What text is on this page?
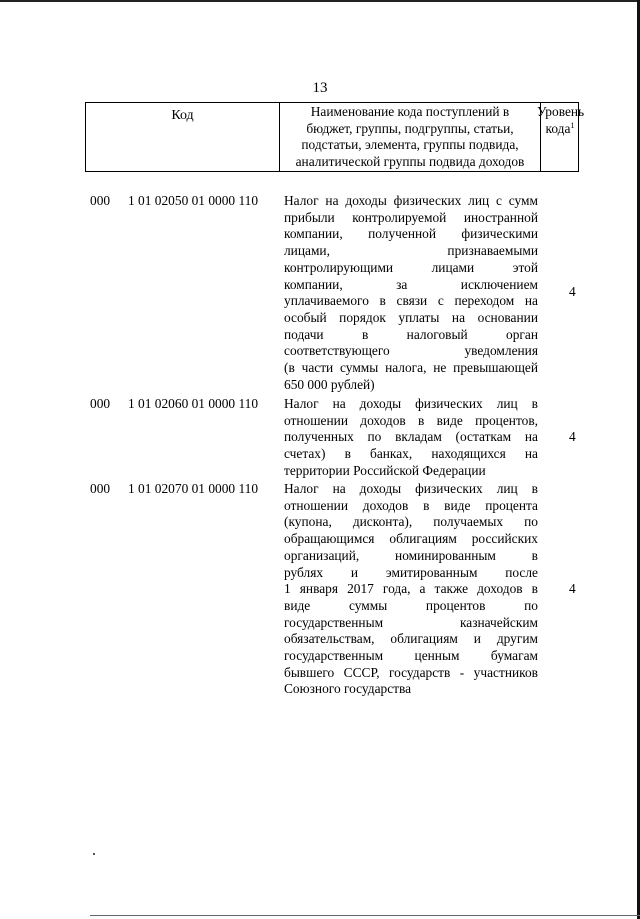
13
Код	Наименование кода поступлений в
бюджет, группы, подгруппы, статьи,
подстатьи, элемента, группы подвида,
аналитической группы подвида доходов
Уровень
кода$^1$
000 1 01 02050 01 0000 110 Налог на доходы физических лиц с сумм
прибыли контролируемой иностранной
компании, полученной физическими
лицами, признаваемыми
контролирующими лицами этой
компании, за исключением
уплачиваемого в связи с переходом на
особый порядок уплаты на основании
подачи в налоговый орган
соответствующего уведомления
(в части суммы налога, не превышающей
650 000 рублей)
4
000 1 01 02060 01 0000 110 Налог на доходы физических лиц в
отношении доходов в виде процентов,
полученных по вкладам (остаткам на
счетах) в банках, находящихся на
территории Российской Федерации
4
000 1 01 02070 01 0000 110 Налог на доходы физических лиц в
отношении доходов в виде процента
(купона, дисконта), получаемых по
обращающимся облигациям российских
организаций, номинированным в
рублях и эмитированным после
1 января 2017 года, а также доходов в
виде суммы процентов по
государственным казначейским
обязательствам, облигациям и другим
государственным ценным бумагам
бывшего СССР, государств - участников
Союзного государства
4
